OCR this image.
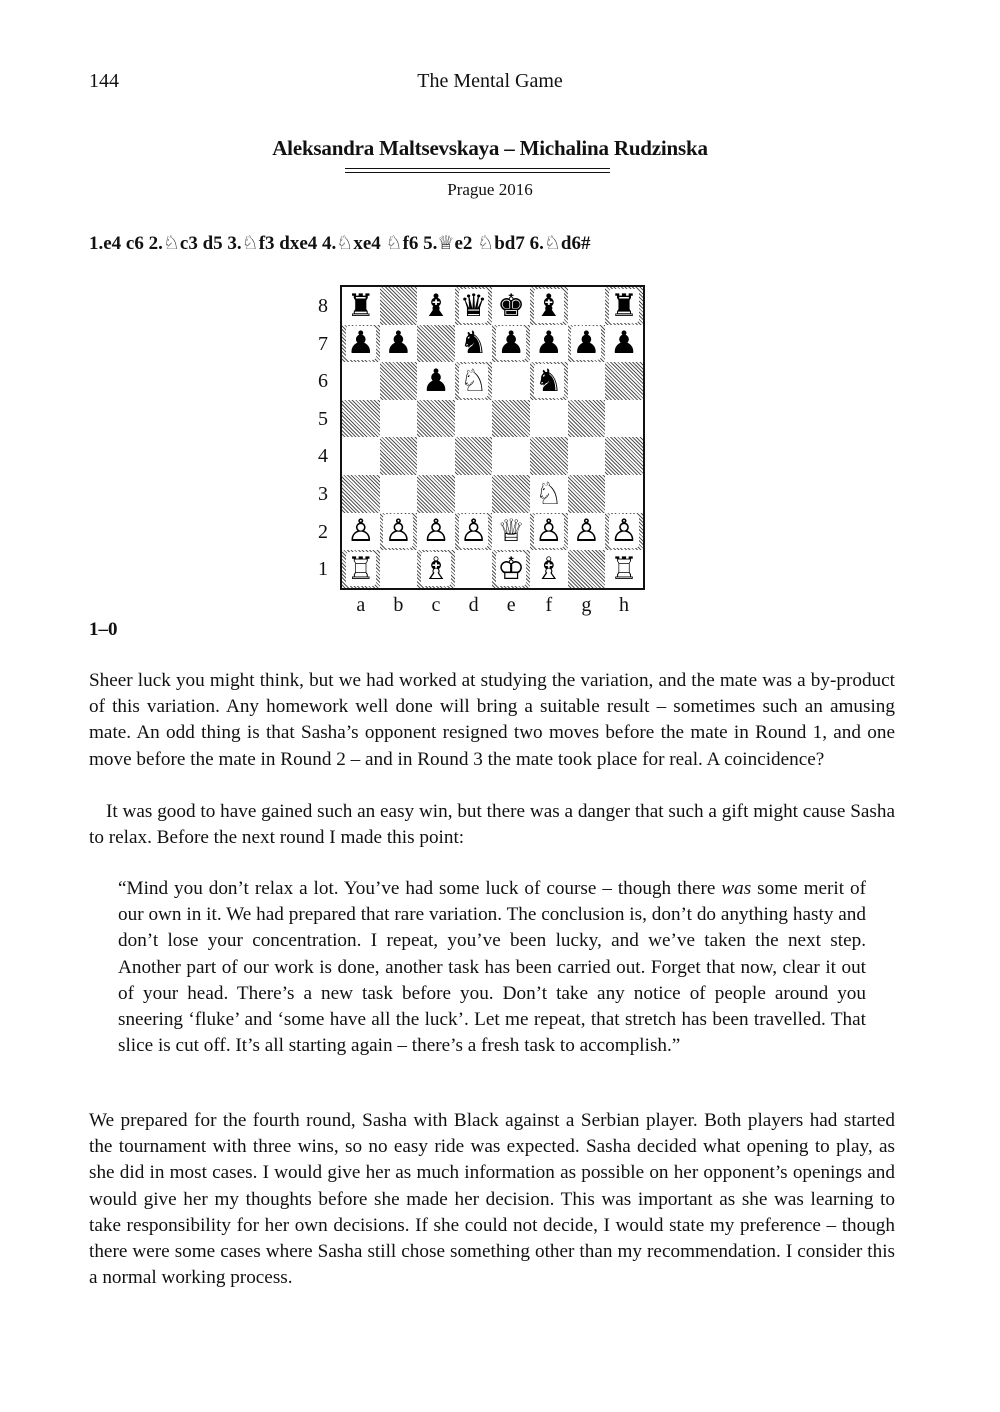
144	The Mental Game
Aleksandra Maltsevskaya – Michalina Rudzinska
Prague 2016
1.e4 c6 2.♘c3 d5 3.♘f3 dxe4 4.♘xe4 ♘f6 5.♕e2 ♘bd7 6.♘d6#
♜ ♝ ♛ ♚ ♝ ♜
♟ ♟ ♞ ♟ ♟ ♟ ♟
♟ ♘ ♞
♘
♙ ♙ ♙ ♙ ♕ ♙ ♙ ♙
♖ ♗ ♔ ♗ ♖
8
7
6
5
4
3
2
1
a	b	c	d	e	f	g	h
1–0
Sheer luck you might think, but we had worked at studying the variation, and the mate was a by-product of this variation. Any homework well done will bring a suitable result – sometimes such an amusing mate. An odd thing is that Sasha’s opponent resigned two moves before the mate in Round 1, and one move before the mate in Round 2 – and in Round 3 the mate took place for real. A coincidence?
It was good to have gained such an easy win, but there was a danger that such a gift might cause Sasha to relax. Before the next round I made this point:
“Mind you don’t relax a lot. You’ve had some luck of course – though there was some merit of our own in it. We had prepared that rare variation. The conclusion is, don’t do anything hasty and don’t lose your concentration. I repeat, you’ve been lucky, and we’ve taken the next step. Another part of our work is done, another task has been carried out. Forget that now, clear it out of your head. There’s a new task before you. Don’t take any notice of people around you sneering ‘fluke’ and ‘some have all the luck’. Let me repeat, that stretch has been travelled. That slice is cut off. It’s all starting again – there’s a fresh task to accomplish.”
We prepared for the fourth round, Sasha with Black against a Serbian player. Both players had started the tournament with three wins, so no easy ride was expected. Sasha decided what opening to play, as she did in most cases. I would give her as much information as possible on her opponent’s openings and would give her my thoughts before she made her decision. This was important as she was learning to take responsibility for her own decisions. If she could not decide, I would state my preference – though there were some cases where Sasha still chose something other than my recommendation. I consider this a normal working process.
